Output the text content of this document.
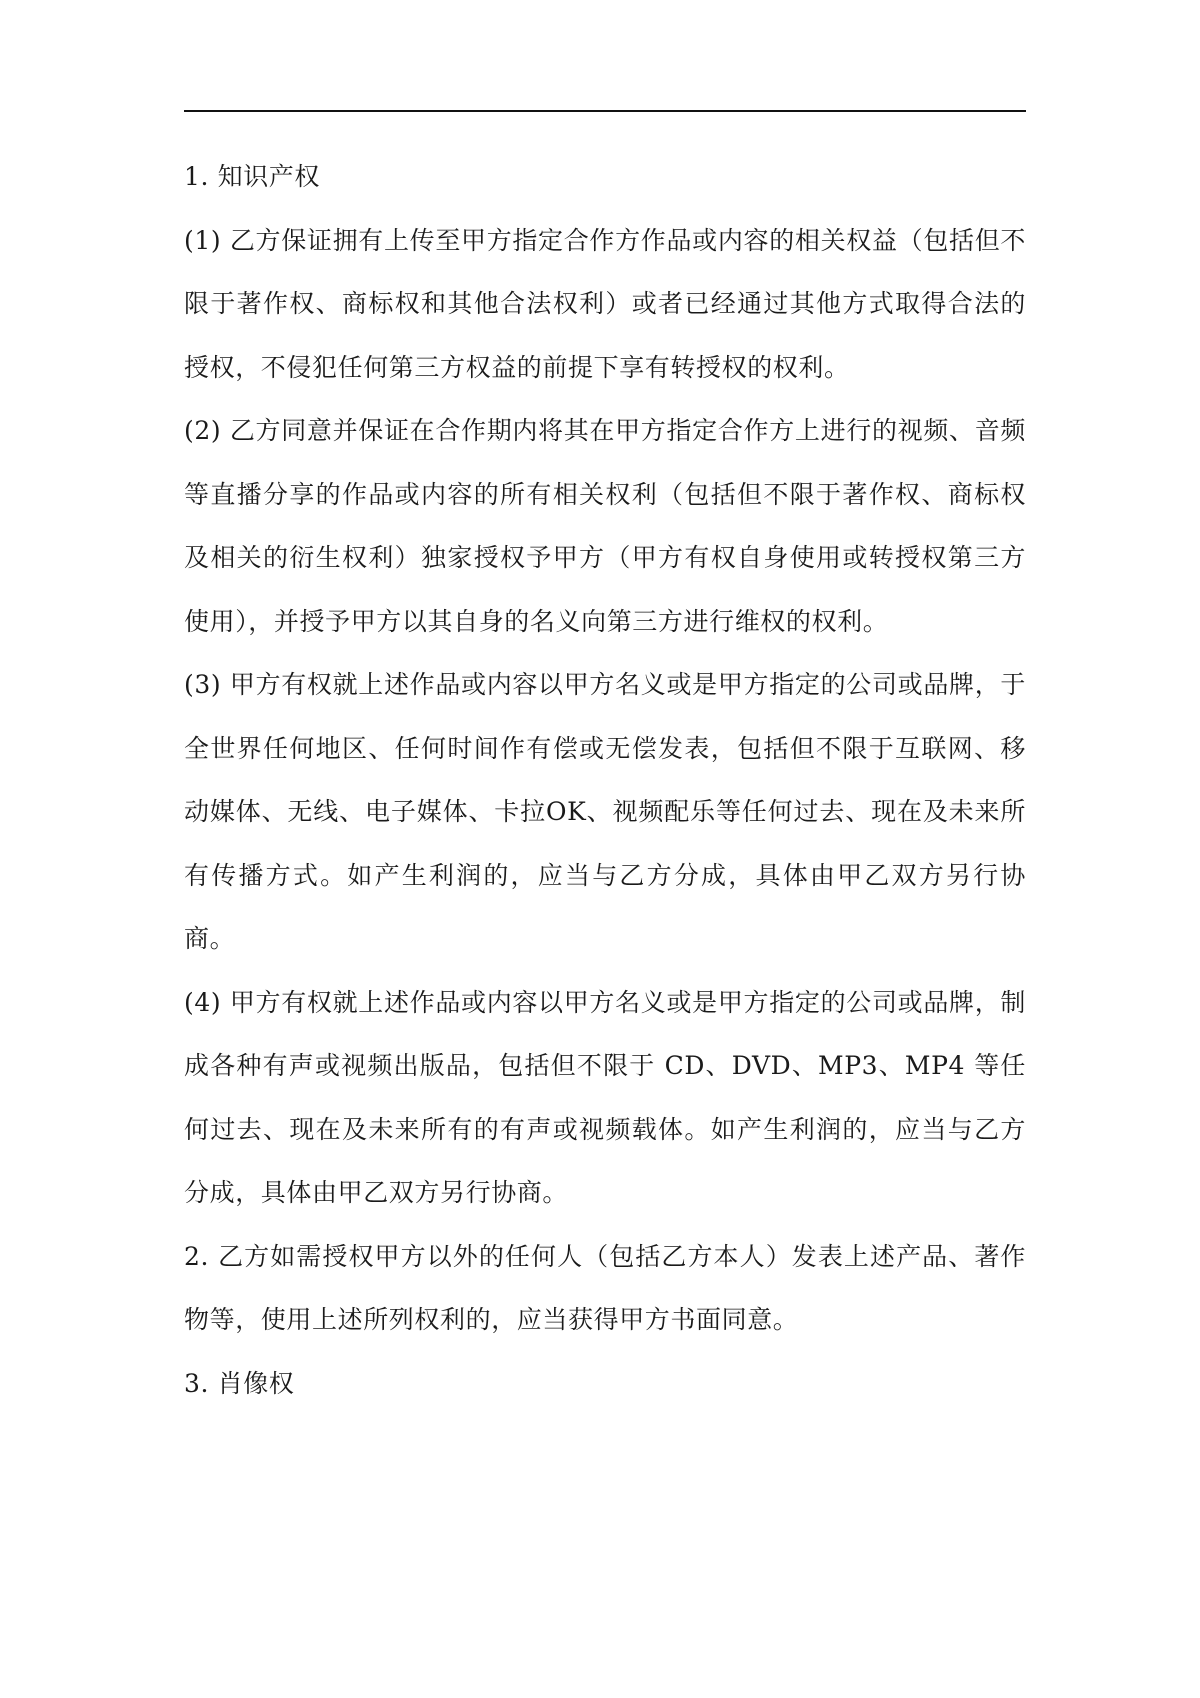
1. 知识产权

(1) 乙方保证拥有上传至甲方指定合作方作品或内容的相关权益（包括但不限于著作权、商标权和其他合法权利）或者已经通过其他方式取得合法的授权，不侵犯任何第三方权益的前提下享有转授权的权利。

(2) 乙方同意并保证在合作期内将其在甲方指定合作方上进行的视频、音频等直播分享的作品或内容的所有相关权利（包括但不限于著作权、商标权及相关的衍生权利）独家授权予甲方（甲方有权自身使用或转授权第三方使用），并授予甲方以其自身的名义向第三方进行维权的权利。

(3) 甲方有权就上述作品或内容以甲方名义或是甲方指定的公司或品牌，于全世界任何地区、任何时间作有偿或无偿发表，包括但不限于互联网、移动媒体、无线、电子媒体、卡拉OK、视频配乐等任何过去、现在及未来所有传播方式。如产生利润的，应当与乙方分成，具体由甲乙双方另行协商。

(4) 甲方有权就上述作品或内容以甲方名义或是甲方指定的公司或品牌，制成各种有声或视频出版品，包括但不限于 CD、DVD、MP3、MP4 等任何过去、现在及未来所有的有声或视频载体。如产生利润的，应当与乙方分成，具体由甲乙双方另行协商。

2. 乙方如需授权甲方以外的任何人（包括乙方本人）发表上述产品、著作物等，使用上述所列权利的，应当获得甲方书面同意。

3. 肖像权
